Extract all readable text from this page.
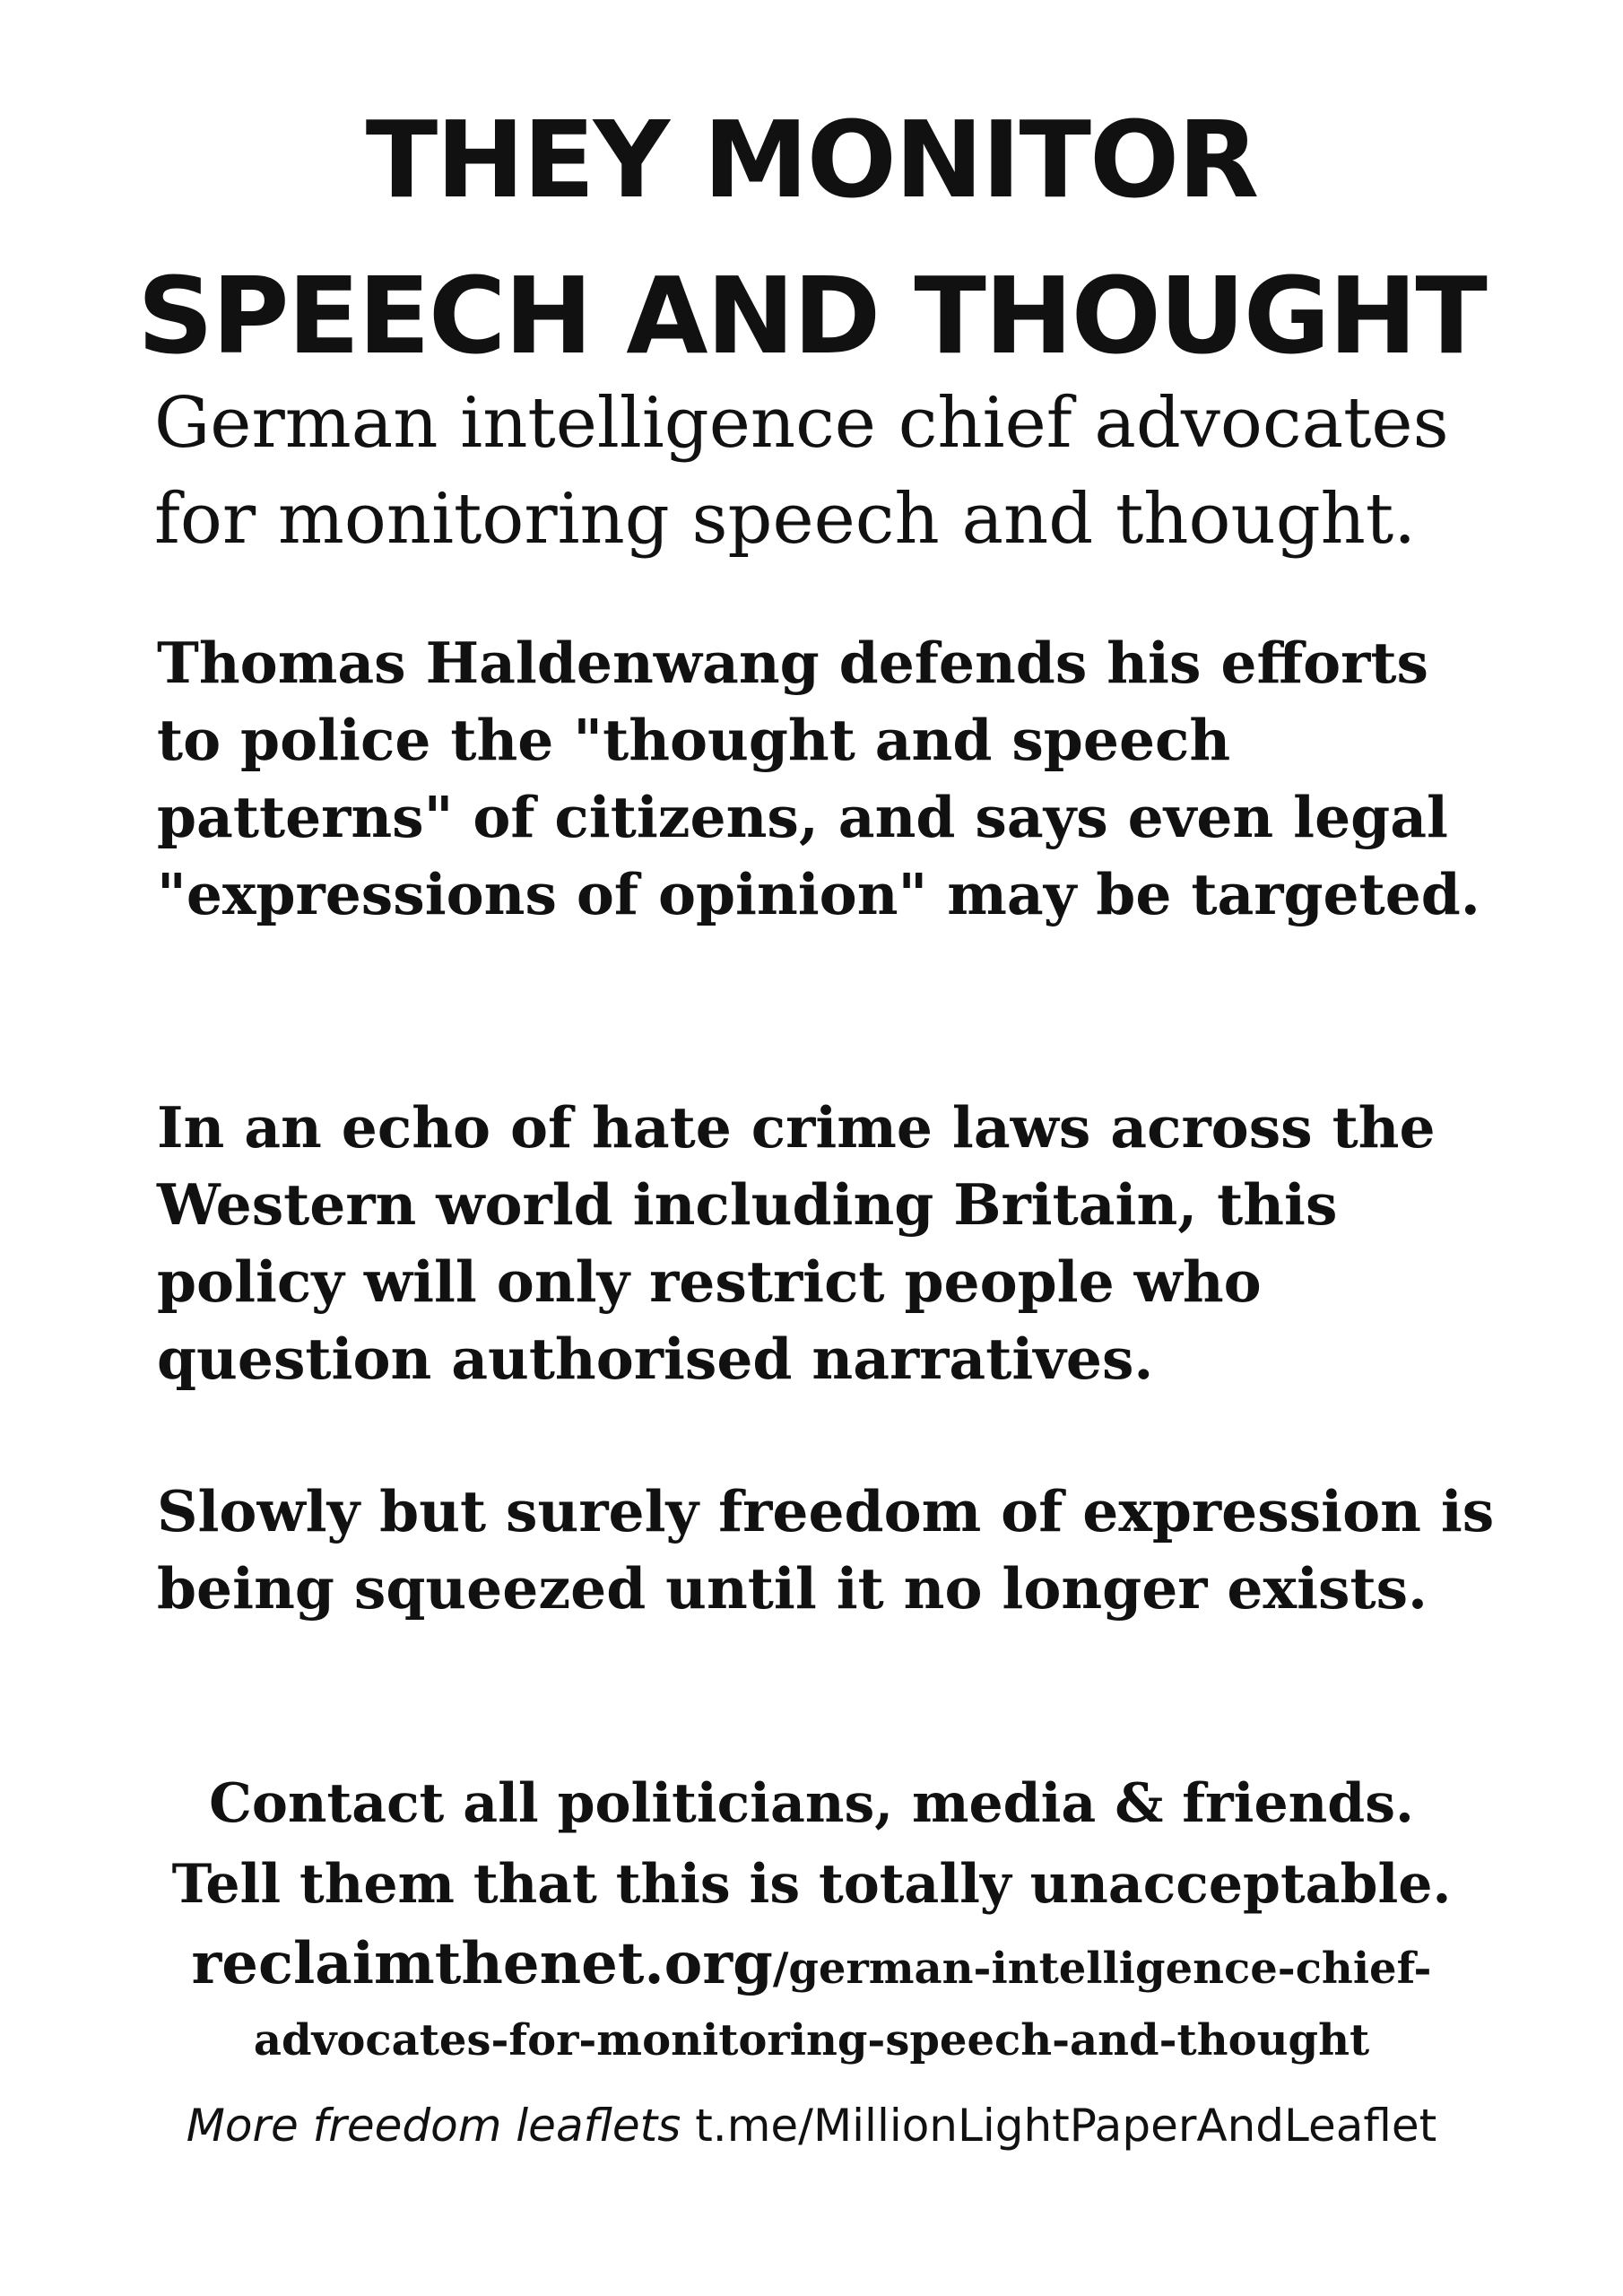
THEY MONITOR
SPEECH AND THOUGHT

German intelligence chief advocates

for monitoring speech and thought.

Thomas Haldenwang defends his efforts to police the "thought and speech patterns" of citizens, and says even legal "expressions of opinion" may be targeted.

In an echo of hate crime laws across the Western world including Britain, this policy will only restrict people who question authorised narratives.

Slowly but surely freedom of expression is being squeezed until it no longer exists.

Contact all politicians, media & friends.

Tell them that this is totally unacceptable.

reclaimthenet.org/german-intelligence-chief-

advocates-for-monitoring-speech-and-thought

More freedom leaflets t.me/MillionLightPaperAndLeaflet
